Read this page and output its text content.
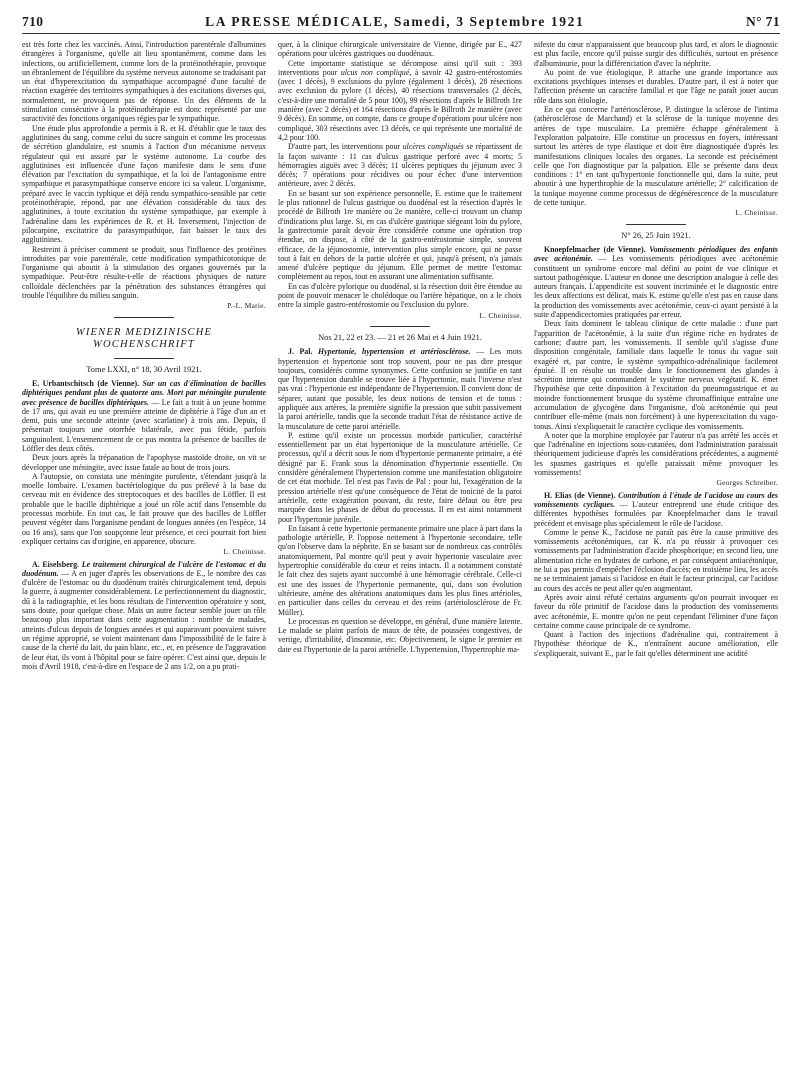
710	LA PRESSE MÉDICALE, Samedi, 3 Septembre 1921	N° 71

est très forte chez les vaccinés. Ainsi, l'introduction parentérale d'albumines étrangères à l'organisme, qu'elle ait lieu spontanément, comme dans les infections, ou artificiellement, comme lors de la protéinothérapie, provoque un ébranlement de l'équilibre du système nerveux autonome se traduisant par un état d'hyperexcitation du sympathique accompagné d'une faculté de réaction exagérée des territoires sympathiques à des excitations diverses qui, normalement, ne provoquent pas de réponse. Un des éléments de la stimulation consécutive à la protéinothérapie est donc représenté par une suractivité des fonctions organiques régies par le sympathique.

Une étude plus approfondie a permis à R. et H. d'établir que le taux des agglutinines du sang, comme celui du sucre sanguin et comme les processus de sécrétion glandulaire, est soumis à l'action d'un mécanisme nerveux régulateur qui est assuré par le système autonome. La courbe des agglutinines est influencée d'une façon manifeste dans le sens d'une élévation par l'excitation du sympathique, et la loi de l'antagonisme entre sympathique et parasympathique conserve encore ici sa valeur. L'organisme, préparé avec le vaccin typhique et déjà rendu sympathico-sensible par cette protéinothérapie, répond, par une élévation considérable du taux des agglutinines, à toute excitation du système sympathique, par exemple à l'adrénaline dans les expériences de R. et H. Inversement, l'injection de pilocarpine, excitatrice du parasympathique, fait baisser le taux des agglutinines.

Restreint à préciser comment se produit, sous l'influence des protéines introduites par voie parentérale, cette modification sympathicotonique de l'organisme qui aboutit à la stimulation des organes gouvernés par la sympathique. Peut-être résulte-t-elle de réactions physiques de nature colloïdale déclenchées par la pénétration des substances étrangères qui trouble l'équilibre du milieu sanguin.

P.-L. Marie.
WIENER MEDIZINISCHE
WOCHENSCHRIFT
Tome LXXI, n° 18, 30 Avril 1921.

E. Urbantschitsch (de Vienne). Sur un cas d'élimination de bacilles diphtériques pendant plus de quatorze ans. Mort par méningite purulente avec présence de bacilles diphtériques. — Le fait a trait à un jeune homme de 17 ans, qui avait eu une première atteinte de diphtérie à l'âge d'un an et demi, puis une seconde atteinte (avec scarlatine) à trois ans. Depuis, il présentait toujours une otorrhée bilatérale, avec pus fétide, parfois sanguinolent. L'ensemencement de ce pus montra la présence de bacilles de Löffler des deux côtés.

Deux jours après la trépanation de l'apophyse mastoïde droite, on vit se développer une méningite, avec issue fatale au bout de trois jours.

A l'autopsie, on constata une méningite purulente, s'étendant jusqu'à la moelle lombaire. L'examen bactériologique du pus prélevé à la base du cerveau mit en évidence des streptocoques et des bacilles de Löffler. Il est probable que le bacille diphtérique a joué un rôle actif dans l'ensemble du processus morbide. En tout cas, le fait prouve que des bacilles de Löffler peuvent végéter dans l'organisme pendant de longues années (en l'espèce, 14 ou 16 ans), sans que l'on soupçonne leur présence, et ceci pourrait fort bien expliquer certains cas d'origine, en apparence, obscure.

L. Cheinisse.

A. Eiselsberg. Le traitement chirurgical de l'ulcère de l'estomac et du duodénum. — A en juger d'après les observations de E., le nombre des cas d'ulcère de l'estomac ou du duodénum traités chirurgicalement tend, depuis la guerre, à augmenter considérablement. Le perfectionnement du diagnostic, dû à la radiographie, et les bons résultats de l'intervention opératoire y sont, sans doute, pour quelque chose. Mais un autre facteur semble jouer un rôle beaucoup plus important dans cette augmentation : nombre de malades, atteints d'ulcus depuis de longues années et qui auparavant pouvaient suivre un régime approprié, se voient maintenant dans l'impossibilité de le faire à cause de la cherté du lait, du pain blanc, etc., et, en présence de l'aggravation de leur état, ils vont à l'hôpital pour se faire opérer. C'est ainsi que, depuis le mois d'Avril 1918, c'est-à-dire en l'espace de 2 ans 1/2, on a pu prati-

quer, à la clinique chirurgicale universitaire de Vienne, dirigée par E., 427 opérations pour ulcères gastriques ou duodénaux.

Cette importante statistique se décompose ainsi qu'il suit : 393 interventions pour ulcus non compliqué, à savoir 42 gastro-entérostomies (avec 1 décès), 9 exclusions du pylore (également 1 décès), 28 résections avec exclusion du pylore (1 décès), 40 résections transversales (2 décès, c'est-à-dire une mortalité de 5 pour 100), 99 résections d'après le Billroth 1re manière (avec 2 décès) et 164 résections d'après le Billroth 2e manière (avec 9 décès). En somme, on compte, dans ce groupe d'opérations pour ulcère non compliqué, 303 résections avec 13 décès, ce qui représente une mortalité de 4,2 pour 100.

D'autre part, les interventions pour ulcères compliqués se répartissent de la façon suivante : 11 cas d'ulcus gastrique perforé avec 4 morts; 5 hémorragies aiguës avec 3 décès; 11 ulcères peptiques du jéjunum avec 3 décès; 7 opérations pour récidives ou pour échec d'une intervention antérieure, avec 2 décès.

En se basant sur son expérience personnelle, E. estime que le traitement le plus rationnel de l'ulcus gastrique ou duodénal est la résection d'après le procédé de Billroth 1re manière ou 2e manière, celle-ci trouvant un champ d'indications plus large. Si, en cas d'ulcère gastrique siégeant loin du pylore, la gastrectomie paraît devoir être considérée comme une opération trop étendue, on dispose, à côté de la gastro-entérostomie simple, souvent efficace, de la jéjunostomie, intervention plus simple encore, qui ne passe tout à fait en dehors de la partie ulcérée et qui, jusqu'à présent, n'a jamais amené d'ulcère peptique du jéjunum. Elle permet de mettre l'estomac complètement au repos, tout en assurant une alimentation suffisante.

En cas d'ulcère pylorique ou duodénal, si la résection doit être étendue au point de pouvoir menacer le cholédoque ou l'artère hépatique, on a le choix entre la simple gastro-entérostomie ou l'exclusion du pylore.

L. Cheinisse.
Nos 21, 22 et 23. — 21 et 26 Mai et 4 Juin 1921.

J. Pal. Hypertonie, hypertension et artériosclérose. — Les mots hypertension et hypertonie sont trop souvent, pour ne pas dire presque toujours, considérés comme synonymes. Cette confusion se justifie en tant que l'hypertension durable se trouve liée à l'hypertonie, mais l'inverse n'est pas vrai : l'hypertonie est indépendante de l'hypertension. Il convient donc de séparer, autant que possible, les deux notions de tension et de tonus : appliquée aux artères, la première signifie la pression que subit passivement la paroi artérielle, tandis que la seconde traduit l'état de résistance active de la musculature de cette paroi artérielle.

P. estime qu'il existe un processus morbide particulier, caractérisé essentiellement par un état hypertonique de la musculature artérielle. Ce processus, qu'il a décrit sous le nom d'hypertonie permanente primaire, a été désigné par E. Frank sous la dénomination d'hypertonie essentielle. On considère généralement l'hypertension comme une manifestation obligatoire de cet état morbide. Tel n'est pas l'avis de Pal : pour lui, l'exagération de la pression artérielle n'est qu'une conséquence de l'état de tonicité de la paroi artérielle, cette exagération pouvant, du reste, faire défaut ou être peu marquée dans les phases de début du processus. Il en est ainsi notamment pour l'hypertonie juvénile.

En faisant à cette hypertonie permanente primaire une place à part dans la pathologie artérielle, P. l'oppose nettement à l'hypertonie secondaire, telle qu'on l'observe dans la néphrite. En se basant sur de nombreux cas contrôlés anatomiquement, Pal montre qu'il peut y avoir hypertonie vasculaire avec hypertrophie considérable du cœur et reins intacts. Il a notamment constaté le fait chez des sujets ayant succombé à une hémorragie cérébrale. Celle-ci est une des issues de l'hypertonie permanente, qui, dans son évolution ultérieure, amène des altérations anatomiques dans les plus fines artérioles, en particulier dans celles du cerveau et des reins (artériolosclérose de Fr. Müller).

Le processus en question se développe, en général, d'une manière latente. Le malade se plaint parfois de maux de tête, de poussées congestives, de vertige, d'irritabilité, d'insomnie, etc. Objectivement, le signe le premier en date est l'hypertonie de la paroi artérielle. L'hypertension, l'hypertrophie ma-

nifeste du cœur n'apparaissent que beaucoup plus tard, et alors le diagnostic est plus facile, encore qu'il puisse surgir des difficultés, surtout en présence d'albuminurie, pour la différenciation d'avec la néphrite.

Au point de vue étiologique, P. attache une grande importance aux excitations psychiques intenses et durables. D'autre part, il est à noter que l'affection présente un caractère familial et que l'âge ne paraît jouer aucun rôle dans son étiologie.

En ce qui concerne l'artériosclérose, P. distingue la sclérose de l'intima (athérosclérose de Marchand) et la sclérose de la tunique moyenne des artères de type musculaire. La première échappe généralement à l'exploration palpatoire. Elle constitue un processus en foyers, intéressant surtout les artères de type élastique et doit être diagnostiquée d'après les manifestations cliniques locales des organes. La seconde est précisément celle que l'on diagnostique par la palpation. Elle se présente dans deux conditions : 1° en tant qu'hypertonie fonctionnelle qui, dans la suite, peut aboutir à une hyperthrophie de la musculature artérielle; 2° calcification de la tunique moyenne comme processus de dégénérescence de la musculature de cette tunique.

L. Cheinisse.
N° 26, 25 Juin 1921.

Knoepfelmacher (de Vienne). Vomissements périodiques des enfants avec acétonémie. — Les vomissements périodiques avec acétonémie constituent un syndrome encore mal défini au point de vue clinique et surtout pathogénique. L'auteur en donne une description analogue à celle des auteurs français. L'appendicite est souvent incriminée et le diagnostic entre les deux affections est délicat, mais K. estime qu'elle n'est pas en cause dans la production des vomissements avec acétonémie, ceux-ci ayant persisté à la suite d'appendicectomies pratiquées par erreur.

Deux faits dominent le tableau clinique de cette maladie : d'une part l'apparition de l'acétonémie, à la suite d'un régime riche en hydrates de carbone; d'autre part, les vomissements. Il semble qu'il s'agisse d'une disposition congénitale, familiale dans laquelle le tonus du vague soit exagéré et, par contre, le système sympathico-adrénalinique facilement épuisé. Il en résulte un trouble dans le fonctionnement des glandes à sécrétion interne qui commandent le système nerveux végétatif. K. émet l'hypothèse que cette disposition à l'excitation du pneumogastrique et au moindre fonctionnement brusque du système chromaffinique entraîne une accumulation de glycogène dans l'organisme, d'où acétonémie qui peut contribuer elle-même (mais non forcément) à une hyperexcitation du vago-tonus. Ainsi s'expliquerait le caractère cyclique des vomissements.

A noter que la morphine employée par l'auteur n'a pas arrêté les accès et que l'adrénaline en injections sous-cutanées, dont l'administration paraissait théoriquement judicieuse d'après les considérations précédentes, a augmenté les spasmes gastriques et qu'elle paraissait même provoquer les vomissements!

Georges Schreiber.

H. Elias (de Vienne). Contribution à l'étude de l'acidose au cours des vomissements cycliques. — L'auteur entreprend une étude critique des différentes hypothèses formulées par Knoepfelmacher dans le travail précédent et envisage plus spécialement le rôle de l'acidose.

Comme le pense K., l'acidose ne paraît pas être la cause primitive des vomissements acétonémiques, car K. n'a pu réussir à provoquer ces vomissements par l'administration d'acide phosphorique; en second lieu, une alimentation riche en hydrates de carbone, et par conséquent antiacétonique, ne lui a pas permis d'empêcher l'éclosion d'accès; en troisième lieu, les accès ne se terminaient jamais si l'acidose en était le facteur principal, car l'acidose au cours des accès ne peut aller qu'en augmentant.

Après avoir ainsi réfuté certains arguments qu'on pourrait invoquer en faveur du rôle primitif de l'acidose dans la production des vomissements avec acétonémie, E. montre qu'on ne peut cependant l'éliminer d'une façon certaine comme cause principale de ce syndrome.

Quant à l'action des injections d'adrénaline qui, contrairement à l'hypothèse théorique de K., n'entraînent aucune amélioration, elle s'expliquerait, suivant E., par le fait qu'elles déterminent une acidité
